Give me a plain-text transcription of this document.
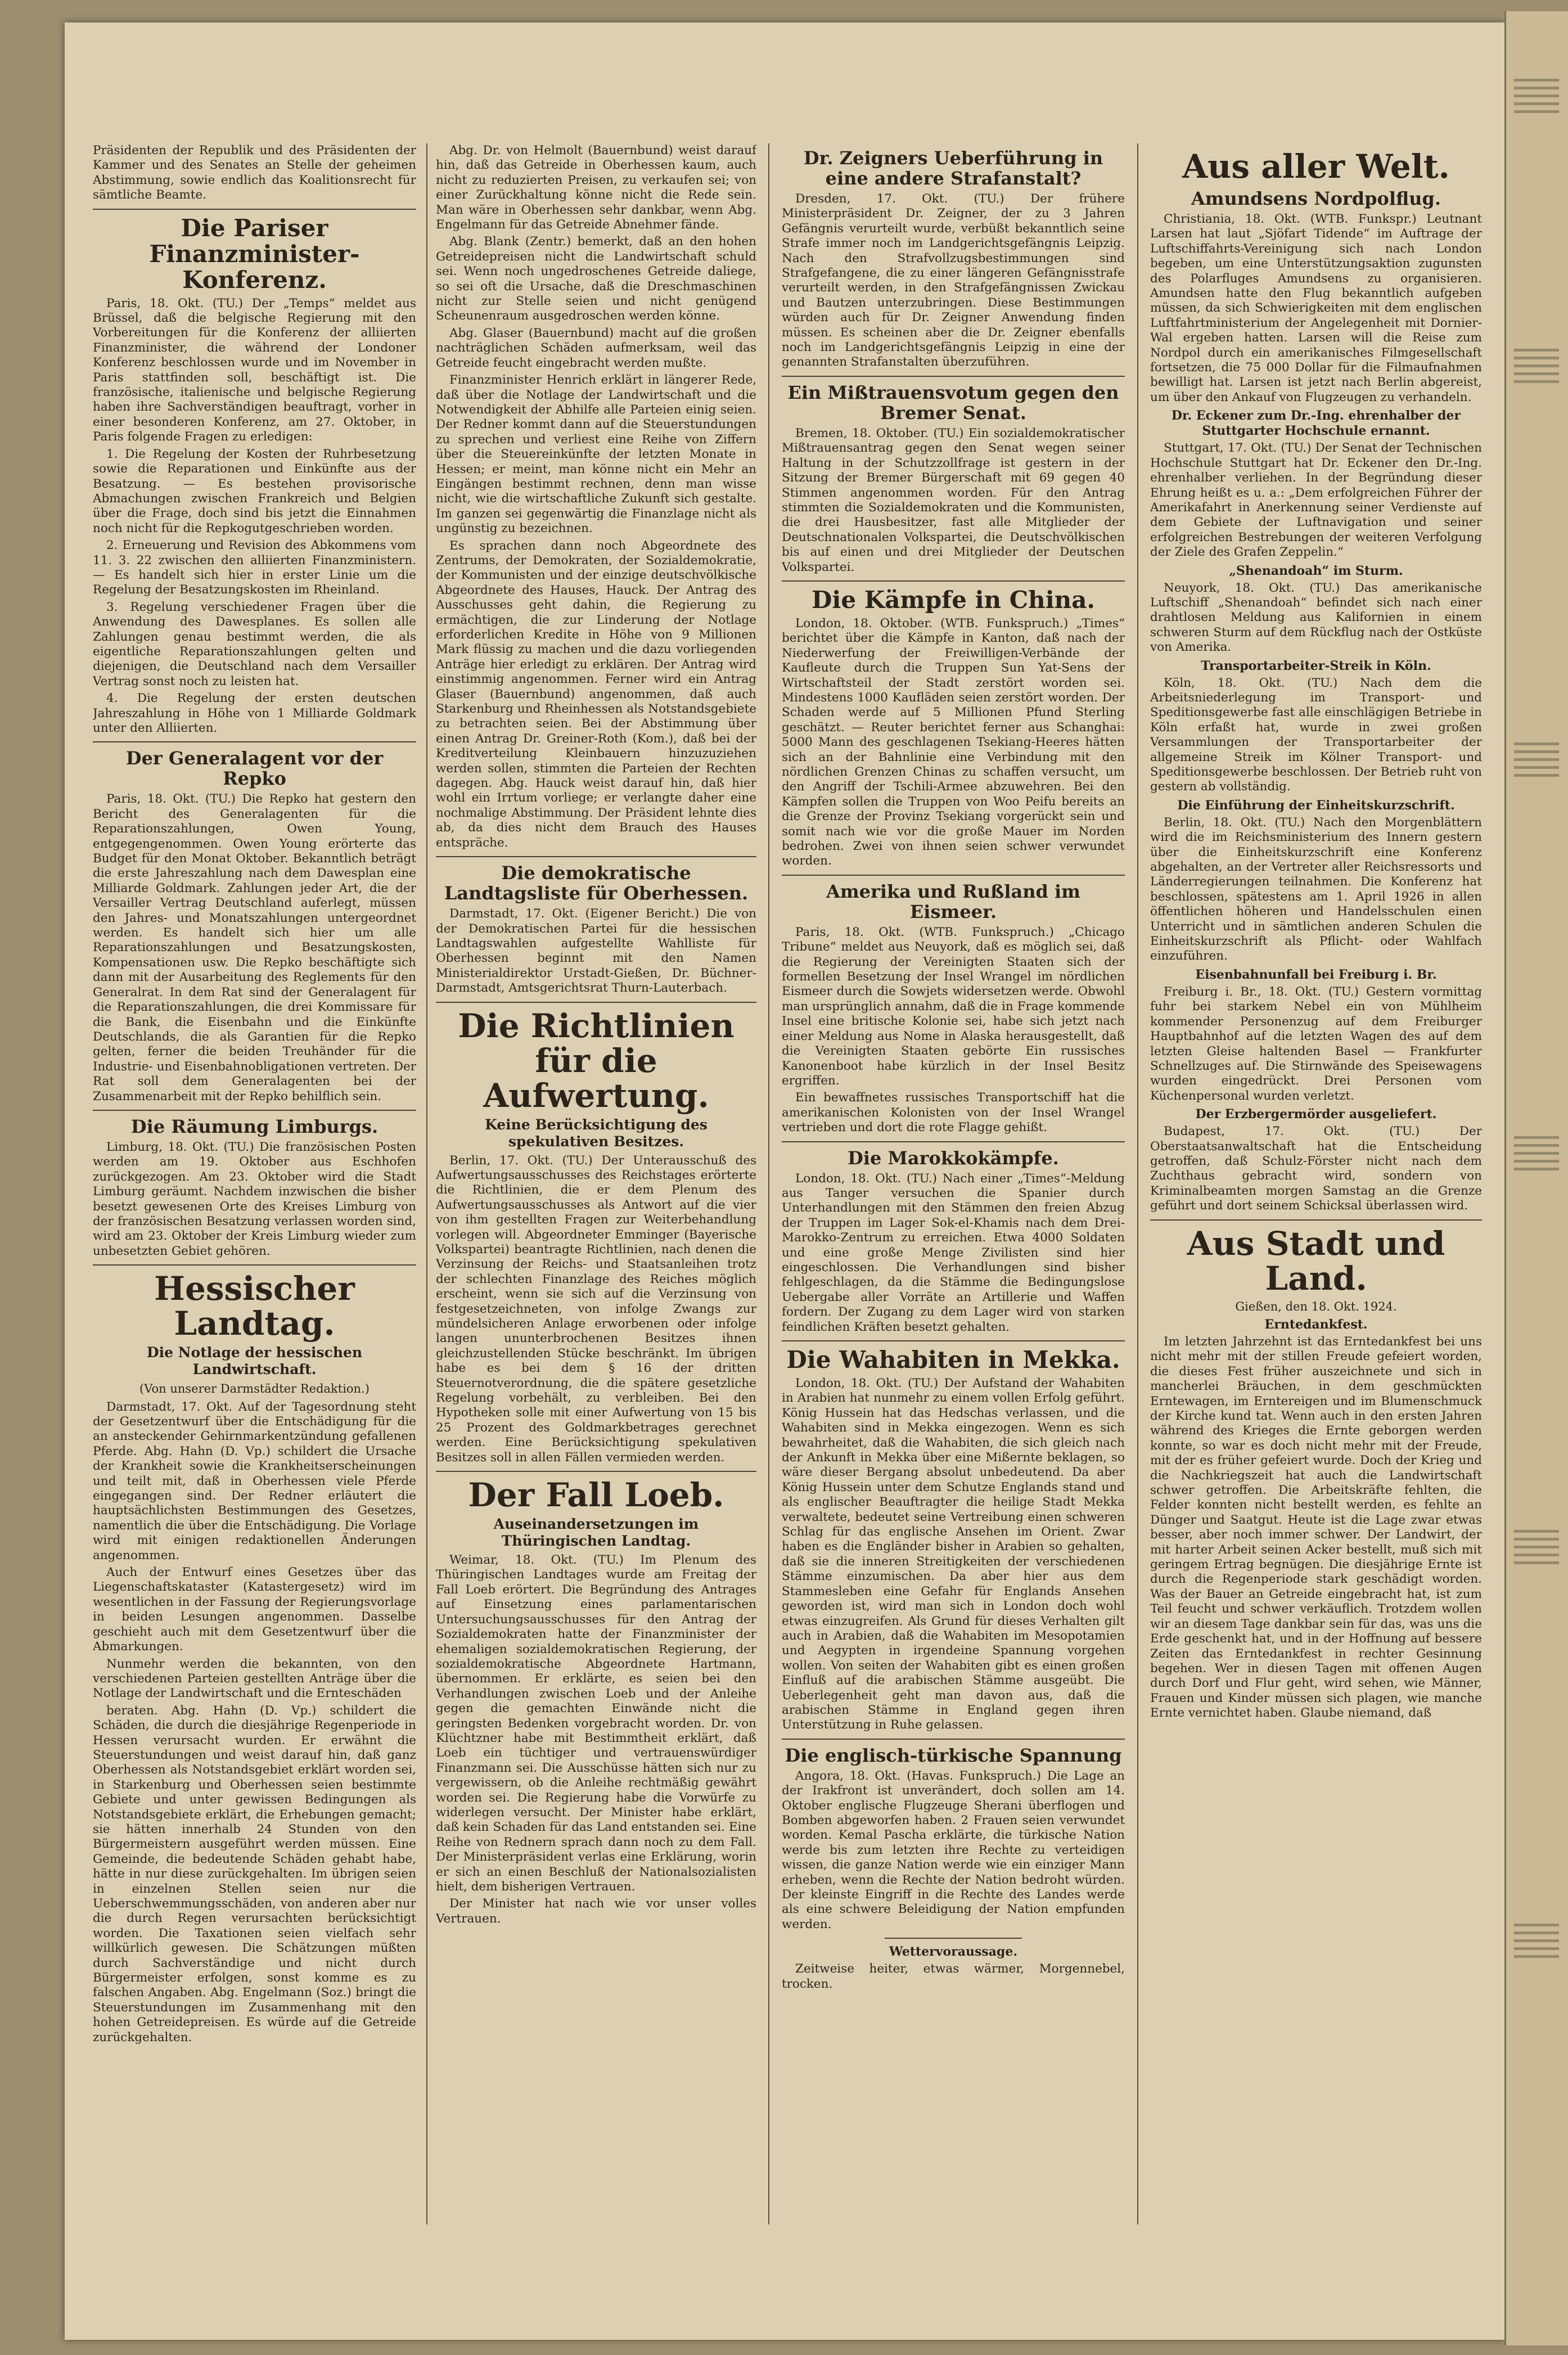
Präsidenten der Republik und des Präsidenten der Kammer und des Senates an Stelle der geheimen Abstimmung, sowie endlich das Koalitionsrecht für sämtliche Beamte.

Die Pariser Finanzminister-Konferenz.

Paris, 18. Okt. (TU.) Der „Temps“ meldet aus Brüssel, daß die belgische Regierung mit den Vorbereitungen für die Konferenz der alliierten Finanzminister, die während der Londoner Konferenz beschlossen wurde und im November in Paris stattfinden soll, beschäftigt ist. Die französische, italienische und belgische Regierung haben ihre Sachverständigen beauftragt, vorher in einer besonderen Konferenz, am 27. Oktober, in Paris folgende Fragen zu erledigen:

1. Die Regelung der Kosten der Ruhrbesetzung sowie die Reparationen und Einkünfte aus der Besatzung. — Es bestehen provisorische Abmachungen zwischen Frankreich und Belgien über die Frage, doch sind bis jetzt die Einnahmen noch nicht für die Repkogutgeschrieben worden.

2. Erneuerung und Revision des Abkommens vom 11. 3. 22 zwischen den alliierten Finanzministern. — Es handelt sich hier in erster Linie um die Regelung der Besatzungskosten im Rheinland.

3. Regelung verschiedener Fragen über die Anwendung des Dawesplanes. Es sollen alle Zahlungen genau bestimmt werden, die als eigentliche Reparationszahlungen gelten und diejenigen, die Deutschland nach dem Versailler Vertrag sonst noch zu leisten hat.

4. Die Regelung der ersten deutschen Jahreszahlung in Höhe von 1 Milliarde Goldmark unter den Alliierten.

Der Generalagent vor der Repko

Paris, 18. Okt. (TU.) Die Repko hat gestern den Bericht des Generalagenten für die Reparationszahlungen, Owen Young, entgegengenommen. Owen Young erörterte das Budget für den Monat Oktober. Bekanntlich beträgt die erste Jahreszahlung nach dem Dawesplan eine Milliarde Goldmark. Zahlungen jeder Art, die der Versailler Vertrag Deutschland auferlegt, müssen den Jahres- und Monatszahlungen untergeordnet werden. Es handelt sich hier um alle Reparationszahlungen und Besatzungskosten, Kompensationen usw. Die Repko beschäftigte sich dann mit der Ausarbeitung des Reglements für den Generalrat. In dem Rat sind der Generalagent für die Reparationszahlungen, die drei Kommissare für die Bank, die Eisenbahn und die Einkünfte Deutschlands, die als Garantien für die Repko gelten, ferner die beiden Treuhänder für die Industrie- und Eisenbahnobligationen vertreten. Der Rat soll dem Generalagenten bei der Zusammenarbeit mit der Repko behilflich sein.

Die Räumung Limburgs.

Limburg, 18. Okt. (TU.) Die französischen Posten werden am 19. Oktober aus Eschhofen zurückgezogen. Am 23. Oktober wird die Stadt Limburg geräumt. Nachdem inzwischen die bisher besetzt gewesenen Orte des Kreises Limburg von der französischen Besatzung verlassen worden sind, wird am 23. Oktober der Kreis Limburg wieder zum unbesetzten Gebiet gehören.

Hessischer Landtag.
Die Notlage der hessischen Landwirtschaft.
(Von unserer Darmstädter Redaktion.)

Darmstadt, 17. Okt. Auf der Tagesordnung steht der Gesetzentwurf über die Entschädigung für die an ansteckender Gehirnmarkentzündung gefallenen Pferde. Abg. Hahn (D. Vp.) schildert die Ursache der Krankheit sowie die Krankheitserscheinungen und teilt mit, daß in Oberhessen viele Pferde eingegangen sind. Der Redner erläutert die hauptsächlichsten Bestimmungen des Gesetzes, namentlich die über die Entschädigung. Die Vorlage wird mit einigen redaktionellen Änderungen angenommen.

Auch der Entwurf eines Gesetzes über das Liegenschaftskataster (Katastergesetz) wird im wesentlichen in der Fassung der Regierungsvorlage in beiden Lesungen angenommen. Dasselbe geschieht auch mit dem Gesetzentwurf über die Abmarkungen.

Nunmehr werden die bekannten, von den verschiedenen Parteien gestellten Anträge über die Notlage der Landwirtschaft und die Ernteschäden

beraten. Abg. Hahn (D. Vp.) schildert die Schäden, die durch die diesjährige Regenperiode in Hessen verursacht wurden. Er erwähnt die Steuerstundungen und weist darauf hin, daß ganz Oberhessen als Notstandsgebiet erklärt worden sei, in Starkenburg und Oberhessen seien bestimmte Gebiete und unter gewissen Bedingungen als Notstandsgebiete erklärt, die Erhebungen gemacht; sie hätten innerhalb 24 Stunden von den Bürgermeistern ausgeführt werden müssen. Eine Gemeinde, die bedeutende Schäden gehabt habe, hätte in nur diese zurückgehalten. Im übrigen seien in einzelnen Stellen seien nur die Ueberschwemmungsschäden, von anderen aber nur die durch Regen verursachten berücksichtigt worden. Die Taxationen seien vielfach sehr willkürlich gewesen. Die Schätzungen müßten durch Sachverständige und nicht durch Bürgermeister erfolgen, sonst komme es zu falschen Angaben. Abg. Engelmann (Soz.) bringt die Steuerstundungen im Zusammenhang mit den hohen Getreidepreisen. Es würde auf die Getreide zurückgehalten.

Abg. Dr. von Helmolt (Bauernbund) weist darauf hin, daß das Getreide in Oberhessen kaum, auch nicht zu reduzierten Preisen, zu verkaufen sei; von einer Zurückhaltung könne nicht die Rede sein. Man wäre in Oberhessen sehr dankbar, wenn Abg. Engelmann für das Getreide Abnehmer fände.

Abg. Blank (Zentr.) bemerkt, daß an den hohen Getreidepreisen nicht die Landwirtschaft schuld sei. Wenn noch ungedroschenes Getreide daliege, so sei oft die Ursache, daß die Dreschmaschinen nicht zur Stelle seien und nicht genügend Scheunenraum ausgedroschen werden könne.

Abg. Glaser (Bauernbund) macht auf die großen nachträglichen Schäden aufmerksam, weil das Getreide feucht eingebracht werden mußte.

Finanzminister Henrich erklärt in längerer Rede, daß über die Notlage der Landwirtschaft und die Notwendigkeit der Abhilfe alle Parteien einig seien. Der Redner kommt dann auf die Steuerstundungen zu sprechen und verliest eine Reihe von Ziffern über die Steuereinkünfte der letzten Monate in Hessen; er meint, man könne nicht ein Mehr an Eingängen bestimmt rechnen, denn man wisse nicht, wie die wirtschaftliche Zukunft sich gestalte. Im ganzen sei gegenwärtig die Finanzlage nicht als ungünstig zu bezeichnen.

Es sprachen dann noch Abgeordnete des Zentrums, der Demokraten, der Sozialdemokratie, der Kommunisten und der einzige deutschvölkische Abgeordnete des Hauses, Hauck. Der Antrag des Ausschusses geht dahin, die Regierung zu ermächtigen, die zur Linderung der Notlage erforderlichen Kredite in Höhe von 9 Millionen Mark flüssig zu machen und die dazu vorliegenden Anträge hier erledigt zu erklären. Der Antrag wird einstimmig angenommen. Ferner wird ein Antrag Glaser (Bauernbund) angenommen, daß auch Starkenburg und Rheinhessen als Notstandsgebiete zu betrachten seien. Bei der Abstimmung über einen Antrag Dr. Greiner-Roth (Kom.), daß bei der Kreditverteilung Kleinbauern hinzuzuziehen werden sollen, stimmten die Parteien der Rechten dagegen. Abg. Hauck weist darauf hin, daß hier wohl ein Irrtum vorliege; er verlangte daher eine nochmalige Abstimmung. Der Präsident lehnte dies ab, da dies nicht dem Brauch des Hauses entspräche.

Die demokratische Landtagsliste für Oberhessen.

Darmstadt, 17. Okt. (Eigener Bericht.) Die von der Demokratischen Partei für die hessischen Landtagswahlen aufgestellte Wahlliste für Oberhessen beginnt mit den Namen Ministerialdirektor Urstadt-Gießen, Dr. Büchner-Darmstadt, Amtsgerichtsrat Thurn-Lauterbach.

Die Richtlinien für die Aufwertung.
Keine Berücksichtigung des spekulativen Besitzes.

Berlin, 17. Okt. (TU.) Der Unterausschuß des Aufwertungsausschusses des Reichstages erörterte die Richtlinien, die er dem Plenum des Aufwertungsausschusses als Antwort auf die vier von ihm gestellten Fragen zur Weiterbehandlung vorlegen will. Abgeordneter Emminger (Bayerische Volkspartei) beantragte Richtlinien, nach denen die Verzinsung der Reichs- und Staatsanleihen trotz der schlechten Finanzlage des Reiches möglich erscheint, wenn sie sich auf die Verzinsung von festgesetzeichneten, von infolge Zwangs zur mündelsicheren Anlage erworbenen oder infolge langen ununterbrochenen Besitzes ihnen gleichzustellenden Stücke beschränkt. Im übrigen habe es bei dem § 16 der dritten Steuernotverordnung, die die spätere gesetzliche Regelung vorbehält, zu verbleiben. Bei den Hypotheken solle mit einer Aufwertung von 15 bis 25 Prozent des Goldmarkbetrages gerechnet werden. Eine Berücksichtigung spekulativen Besitzes soll in allen Fällen vermieden werden.

Der Fall Loeb.
Auseinandersetzungen im Thüringischen Landtag.

Weimar, 18. Okt. (TU.) Im Plenum des Thüringischen Landtages wurde am Freitag der Fall Loeb erörtert. Die Begründung des Antrages auf Einsetzung eines parlamentarischen Untersuchungsausschusses für den Antrag der Sozialdemokraten hatte der Finanzminister der ehemaligen sozialdemokratischen Regierung, der sozialdemokratische Abgeordnete Hartmann, übernommen. Er erklärte, es seien bei den Verhandlungen zwischen Loeb und der Anleihe gegen die gemachten Einwände nicht die geringsten Bedenken vorgebracht worden. Dr. von Klüchtzner habe mit Bestimmtheit erklärt, daß Loeb ein tüchtiger und vertrauenswürdiger Finanzmann sei. Die Ausschüsse hätten sich nur zu vergewissern, ob die Anleihe rechtmäßig gewährt worden sei. Die Regierung habe die Vorwürfe zu widerlegen versucht. Der Minister habe erklärt, daß kein Schaden für das Land entstanden sei. Eine Reihe von Rednern sprach dann noch zu dem Fall. Der Ministerpräsident verlas eine Erklärung, worin er sich an einen Beschluß der Nationalsozialisten hielt, dem bisherigen Vertrauen.

Der Minister hat nach wie vor unser volles Vertrauen.

Dr. Zeigners Ueberführung in eine andere Strafanstalt?

Dresden, 17. Okt. (TU.) Der frühere Ministerpräsident Dr. Zeigner, der zu 3 Jahren Gefängnis verurteilt wurde, verbüßt bekanntlich seine Strafe immer noch im Landgerichtsgefängnis Leipzig. Nach den Strafvollzugsbestimmungen sind Strafgefangene, die zu einer längeren Gefängnisstrafe verurteilt werden, in den Strafgefängnissen Zwickau und Bautzen unterzubringen. Diese Bestimmungen würden auch für Dr. Zeigner Anwendung finden müssen. Es scheinen aber die Dr. Zeigner ebenfalls noch im Landgerichtsgefängnis Leipzig in eine der genannten Strafanstalten überzuführen.

Ein Mißtrauensvotum gegen den Bremer Senat.

Bremen, 18. Oktober. (TU.) Ein sozialdemokratischer Mißtrauensantrag gegen den Senat wegen seiner Haltung in der Schutzzollfrage ist gestern in der Sitzung der Bremer Bürgerschaft mit 69 gegen 40 Stimmen angenommen worden. Für den Antrag stimmten die Sozialdemokraten und die Kommunisten, die drei Hausbesitzer, fast alle Mitglieder der Deutschnationalen Volkspartei, die Deutschvölkischen bis auf einen und drei Mitglieder der Deutschen Volkspartei.

Die Kämpfe in China.

London, 18. Oktober. (WTB. Funkspruch.) „Times“ berichtet über die Kämpfe in Kanton, daß nach der Niederwerfung der Freiwilligen-Verbände der Kaufleute durch die Truppen Sun Yat-Sens der Wirtschaftsteil der Stadt zerstört worden sei. Mindestens 1000 Kaufläden seien zerstört worden. Der Schaden werde auf 5 Millionen Pfund Sterling geschätzt. — Reuter berichtet ferner aus Schanghai: 5000 Mann des geschlagenen Tsekiang-Heeres hätten sich an der Bahnlinie eine Verbindung mit den nördlichen Grenzen Chinas zu schaffen versucht, um den Angriff der Tschili-Armee abzuwehren. Bei den Kämpfen sollen die Truppen von Woo Peifu bereits an die Grenze der Provinz Tsekiang vorgerückt sein und somit nach wie vor die große Mauer im Norden bedrohen. Zwei von ihnen seien schwer verwundet worden.

Amerika und Rußland im Eismeer.

Paris, 18. Okt. (WTB. Funkspruch.) „Chicago Tribune“ meldet aus Neuyork, daß es möglich sei, daß die Regierung der Vereinigten Staaten sich der formellen Besetzung der Insel Wrangel im nördlichen Eismeer durch die Sowjets widersetzen werde. Obwohl man ursprünglich annahm, daß die in Frage kommende Insel eine britische Kolonie sei, habe sich jetzt nach einer Meldung aus Nome in Alaska herausgestellt, daß die Vereinigten Staaten gebörte Ein russisches Kanonenboot habe kürzlich in der Insel Besitz ergriffen.

Ein bewaffnetes russisches Transportschiff hat die amerikanischen Kolonisten von der Insel Wrangel vertrieben und dort die rote Flagge gehißt.

Die Marokkokämpfe.

London, 18. Okt. (TU.) Nach einer „Times“-Meldung aus Tanger versuchen die Spanier durch Unterhandlungen mit den Stämmen den freien Abzug der Truppen im Lager Sok-el-Khamis nach dem Drei-Marokko-Zentrum zu erreichen. Etwa 4000 Soldaten und eine große Menge Zivilisten sind hier eingeschlossen. Die Verhandlungen sind bisher fehlgeschlagen, da die Stämme die Bedingungslose Uebergabe aller Vorräte an Artillerie und Waffen fordern. Der Zugang zu dem Lager wird von starken feindlichen Kräften besetzt gehalten.

Die Wahabiten in Mekka.

London, 18. Okt. (TU.) Der Aufstand der Wahabiten in Arabien hat nunmehr zu einem vollen Erfolg geführt. König Hussein hat das Hedschas verlassen, und die Wahabiten sind in Mekka eingezogen. Wenn es sich bewahrheitet, daß die Wahabiten, die sich gleich nach der Ankunft in Mekka über eine Mißernte beklagen, so wäre dieser Bergang absolut unbedeutend. Da aber König Hussein unter dem Schutze Englands stand und als englischer Beauftragter die heilige Stadt Mekka verwaltete, bedeutet seine Vertreibung einen schweren Schlag für das englische Ansehen im Orient. Zwar haben es die Engländer bisher in Arabien so gehalten, daß sie die inneren Streitigkeiten der verschiedenen Stämme einzumischen. Da aber hier aus dem Stammesleben eine Gefahr für Englands Ansehen geworden ist, wird man sich in London doch wohl etwas einzugreifen. Als Grund für dieses Verhalten gilt auch in Arabien, daß die Wahabiten im Mesopotamien und Aegypten in irgendeine Spannung vorgehen wollen. Von seiten der Wahabiten gibt es einen großen Einfluß auf die arabischen Stämme ausgeübt. Die Ueberlegenheit geht man davon aus, daß die arabischen Stämme in England gegen ihren Unterstützung in Ruhe gelassen.

Die englisch-türkische Spannung

Angora, 18. Okt. (Havas. Funkspruch.) Die Lage an der Irakfront ist unverändert, doch sollen am 14. Oktober englische Flugzeuge Sherani überflogen und Bomben abgeworfen haben. 2 Frauen seien verwundet worden. Kemal Pascha erklärte, die türkische Nation werde bis zum letzten ihre Rechte zu verteidigen wissen, die ganze Nation werde wie ein einziger Mann erheben, wenn die Rechte der Nation bedroht würden. Der kleinste Eingriff in die Rechte des Landes werde als eine schwere Beleidigung der Nation empfunden werden.

Wettervoraussage.

Zeitweise heiter, etwas wärmer, Morgennebel, trocken.

Aus aller Welt.
Amundsens Nordpolflug.

Christiania, 18. Okt. (WTB. Funkspr.) Leutnant Larsen hat laut „Sjöfart Tidende“ im Auftrage der Luftschiffahrts-Vereinigung sich nach London begeben, um eine Unterstützungsaktion zugunsten des Polarfluges Amundsens zu organisieren. Amundsen hatte den Flug bekanntlich aufgeben müssen, da sich Schwierigkeiten mit dem englischen Luftfahrtministerium der Angelegenheit mit Dornier-Wal ergeben hatten. Larsen will die Reise zum Nordpol durch ein amerikanisches Filmgesellschaft fortsetzen, die 75 000 Dollar für die Filmaufnahmen bewilligt hat. Larsen ist jetzt nach Berlin abgereist, um über den Ankauf von Flugzeugen zu verhandeln.

Dr. Eckener zum Dr.-Ing. ehrenhalber der Stuttgarter Hochschule ernannt.

Stuttgart, 17. Okt. (TU.) Der Senat der Technischen Hochschule Stuttgart hat Dr. Eckener den Dr.-Ing. ehrenhalber verliehen. In der Begründung dieser Ehrung heißt es u. a.: „Dem erfolgreichen Führer der Amerikafahrt in Anerkennung seiner Verdienste auf dem Gebiete der Luftnavigation und seiner erfolgreichen Bestrebungen der weiteren Verfolgung der Ziele des Grafen Zeppelin.“

„Shenandoah“ im Sturm.

Neuyork, 18. Okt. (TU.) Das amerikanische Luftschiff „Shenandoah“ befindet sich nach einer drahtlosen Meldung aus Kalifornien in einem schweren Sturm auf dem Rückflug nach der Ostküste von Amerika.

Transportarbeiter-Streik in Köln.

Köln, 18. Okt. (TU.) Nach dem die Arbeitsniederlegung im Transport- und Speditionsgewerbe fast alle einschlägigen Betriebe in Köln erfaßt hat, wurde in zwei großen Versammlungen der Transportarbeiter der allgemeine Streik im Kölner Transport- und Speditionsgewerbe beschlossen. Der Betrieb ruht von gestern ab vollständig.

Die Einführung der Einheitskurzschrift.

Berlin, 18. Okt. (TU.) Nach den Morgenblättern wird die im Reichsministerium des Innern gestern über die Einheitskurzschrift eine Konferenz abgehalten, an der Vertreter aller Reichsressorts und Länderregierungen teilnahmen. Die Konferenz hat beschlossen, spätestens am 1. April 1926 in allen öffentlichen höheren und Handelsschulen einen Unterricht und in sämtlichen anderen Schulen die Einheitskurzschrift als Pflicht- oder Wahlfach einzuführen.

Eisenbahnunfall bei Freiburg i. Br.

Freiburg i. Br., 18. Okt. (TU.) Gestern vormittag fuhr bei starkem Nebel ein von Mühlheim kommender Personenzug auf dem Freiburger Hauptbahnhof auf die letzten Wagen des auf dem letzten Gleise haltenden Basel — Frankfurter Schnellzuges auf. Die Stirnwände des Speisewagens wurden eingedrückt. Drei Personen vom Küchenpersonal wurden verletzt.

Der Erzbergermörder ausgeliefert.

Budapest, 17. Okt. (TU.) Der Oberstaatsanwaltschaft hat die Entscheidung getroffen, daß Schulz-Förster nicht nach dem Zuchthaus gebracht wird, sondern von Kriminalbeamten morgen Samstag an die Grenze geführt und dort seinem Schicksal überlassen wird.

Aus Stadt und Land.
Gießen, den 18. Okt. 1924.
Erntedankfest.

Im letzten Jahrzehnt ist das Erntedankfest bei uns nicht mehr mit der stillen Freude gefeiert worden, die dieses Fest früher auszeichnete und sich in mancherlei Bräuchen, in dem geschmückten Erntewagen, im Erntereigen und im Blumenschmuck der Kirche kund tat. Wenn auch in den ersten Jahren während des Krieges die Ernte geborgen werden konnte, so war es doch nicht mehr mit der Freude, mit der es früher gefeiert wurde. Doch der Krieg und die Nachkriegszeit hat auch die Landwirtschaft schwer getroffen. Die Arbeitskräfte fehlten, die Felder konnten nicht bestellt werden, es fehlte an Dünger und Saatgut. Heute ist die Lage zwar etwas besser, aber noch immer schwer. Der Landwirt, der mit harter Arbeit seinen Acker bestellt, muß sich mit geringem Ertrag begnügen. Die diesjährige Ernte ist durch die Regenperiode stark geschädigt worden. Was der Bauer an Getreide eingebracht hat, ist zum Teil feucht und schwer verkäuflich. Trotzdem wollen wir an diesem Tage dankbar sein für das, was uns die Erde geschenkt hat, und in der Hoffnung auf bessere Zeiten das Erntedankfest in rechter Gesinnung begehen. Wer in diesen Tagen mit offenen Augen durch Dorf und Flur geht, wird sehen, wie Männer, Frauen und Kinder müssen sich plagen, wie manche Ernte vernichtet haben. Glaube niemand, daß
